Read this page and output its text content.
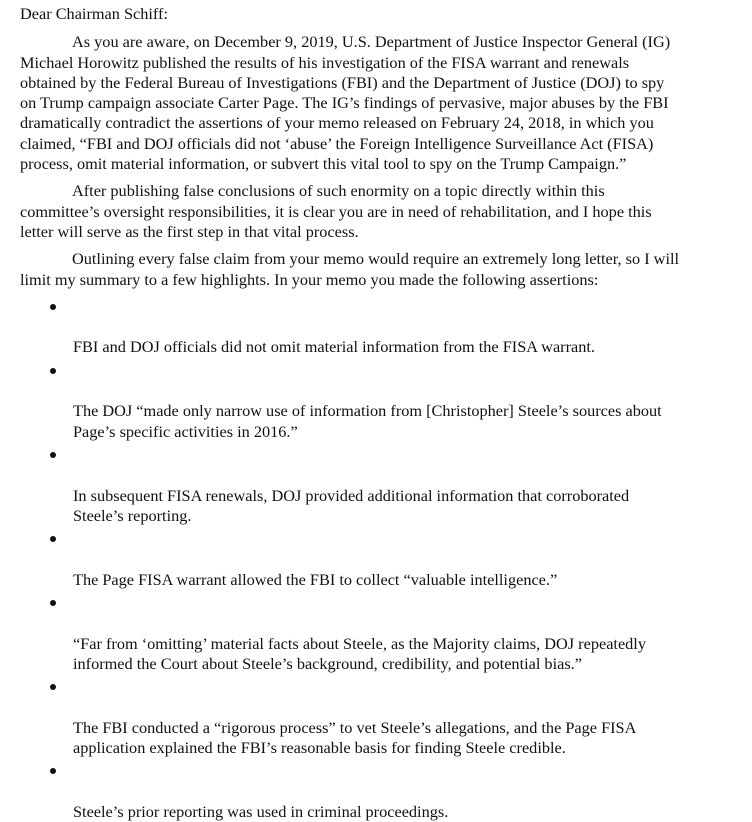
Dear Chairman Schiff:

As you are aware, on December 9, 2019, U.S. Department of Justice Inspector General (IG)
Michael Horowitz published the results of his investigation of the FISA warrant and renewals
obtained by the Federal Bureau of Investigations (FBI) and the Department of Justice (DOJ) to spy
on Trump campaign associate Carter Page. The IG’s findings of pervasive, major abuses by the FBI
dramatically contradict the assertions of your memo released on February 24, 2018, in which you
claimed, “FBI and DOJ officials did not ‘abuse’ the Foreign Intelligence Surveillance Act (FISA)
process, omit material information, or subvert this vital tool to spy on the Trump Campaign.”

After publishing false conclusions of such enormity on a topic directly within this
committee’s oversight responsibilities, it is clear you are in need of rehabilitation, and I hope this
letter will serve as the first step in that vital process.

Outlining every false claim from your memo would require an extremely long letter, so I will
limit my summary to a few highlights. In your memo you made the following assertions:

FBI and DOJ officials did not omit material information from the FISA warrant.

The DOJ “made only narrow use of information from [Christopher] Steele’s sources about
Page’s specific activities in 2016.”

In subsequent FISA renewals, DOJ provided additional information that corroborated
Steele’s reporting.

The Page FISA warrant allowed the FBI to collect “valuable intelligence.”

“Far from ‘omitting’ material facts about Steele, as the Majority claims, DOJ repeatedly
informed the Court about Steele’s background, credibility, and potential bias.”

The FBI conducted a “rigorous process” to vet Steele’s allegations, and the Page FISA
application explained the FBI’s reasonable basis for finding Steele credible.

Steele’s prior reporting was used in criminal proceedings.
